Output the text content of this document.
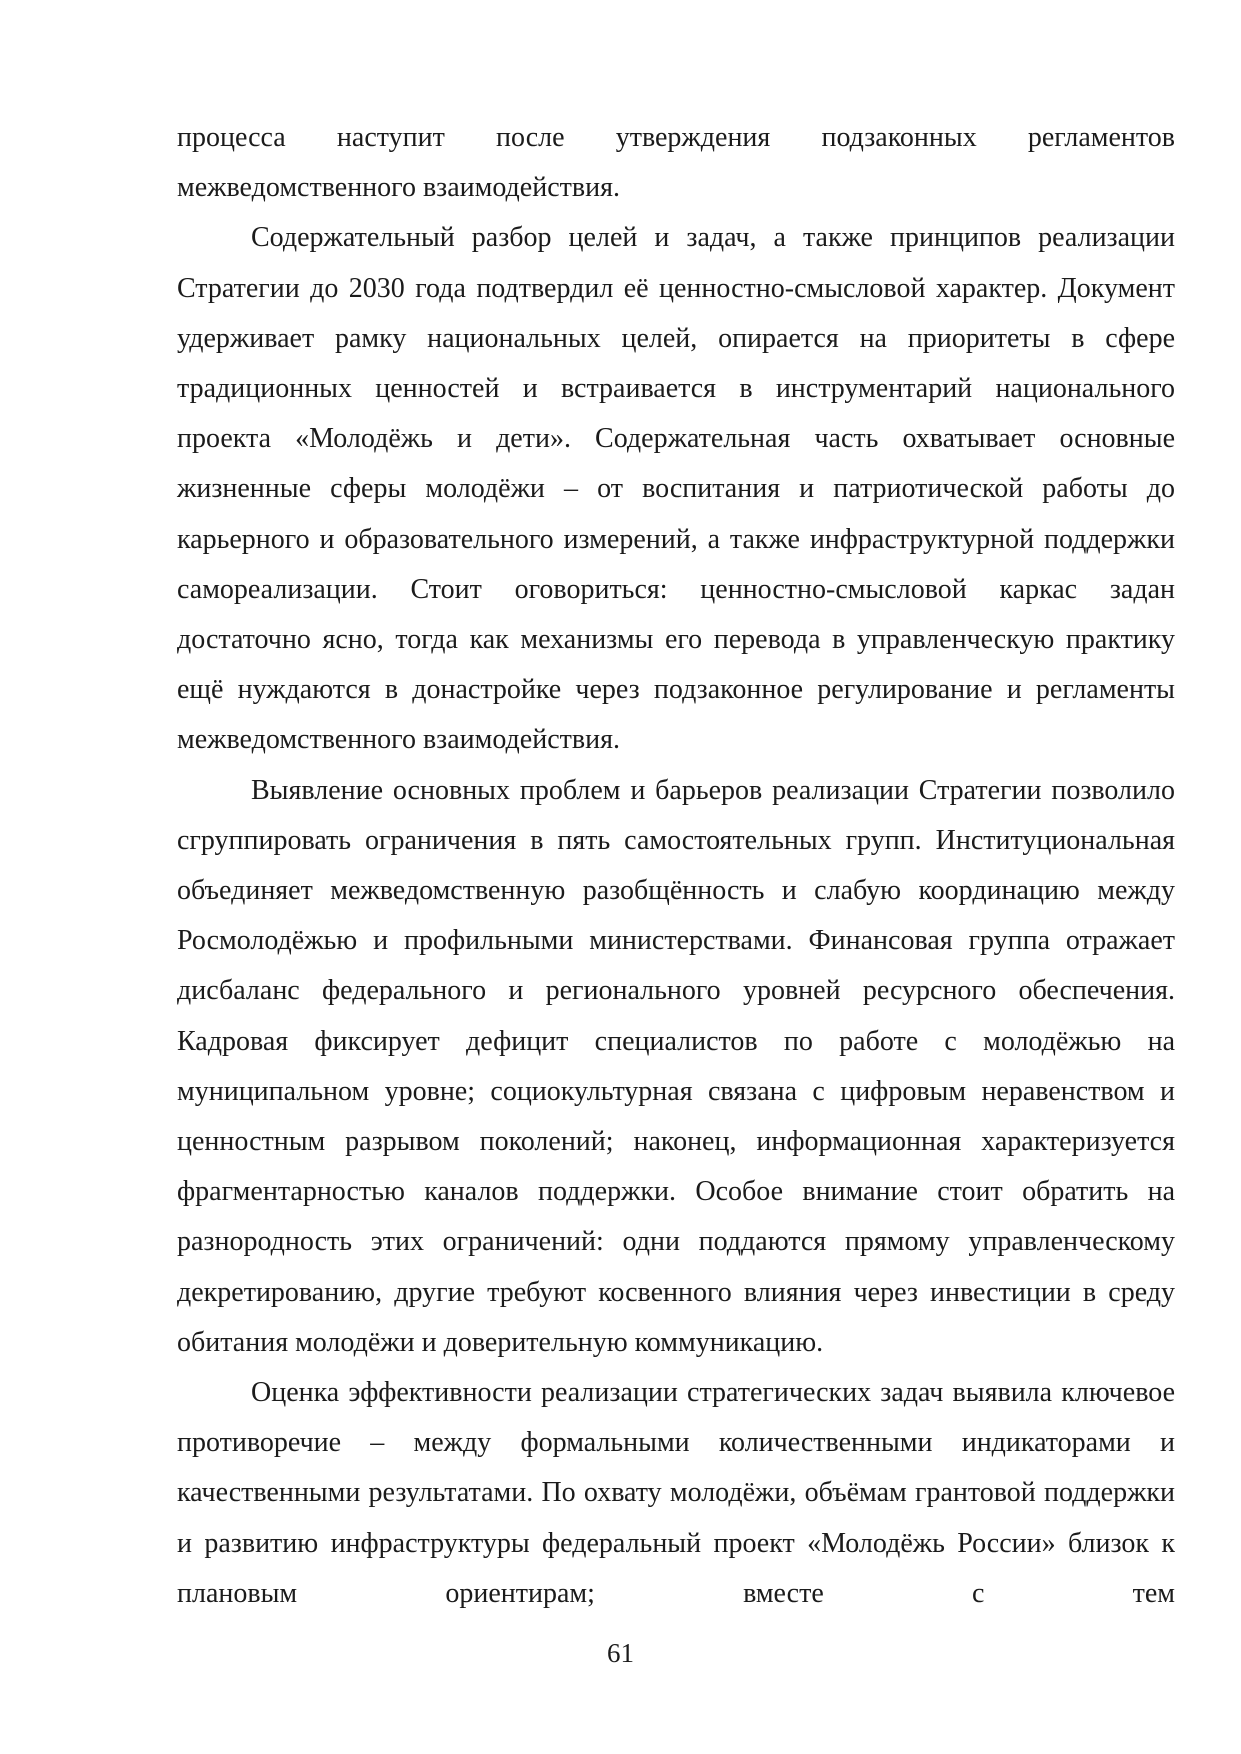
процесса наступит после утверждения подзаконных регламентов межведомственного взаимодействия.

Содержательный разбор целей и задач, а также принципов реализации Стратегии до 2030 года подтвердил её ценностно-смысловой характер. Документ удерживает рамку национальных целей, опирается на приоритеты в сфере традиционных ценностей и встраивается в инструментарий национального проекта «Молодёжь и дети». Содержательная часть охватывает основные жизненные сферы молодёжи – от воспитания и патриотической работы до карьерного и образовательного измерений, а также инфраструктурной поддержки самореализации. Стоит оговориться: ценностно-смысловой каркас задан достаточно ясно, тогда как механизмы его перевода в управленческую практику ещё нуждаются в донастройке через подзаконное регулирование и регламенты межведомственного взаимодействия.

Выявление основных проблем и барьеров реализации Стратегии позволило сгруппировать ограничения в пять самостоятельных групп. Институциональная объединяет межведомственную разобщённость и слабую координацию между Росмолодёжью и профильными министерствами. Финансовая группа отражает дисбаланс федерального и регионального уровней ресурсного обеспечения. Кадровая фиксирует дефицит специалистов по работе с молодёжью на муниципальном уровне; социокультурная связана с цифровым неравенством и ценностным разрывом поколений; наконец, информационная характеризуется фрагментарностью каналов поддержки. Особое внимание стоит обратить на разнородность этих ограничений: одни поддаются прямому управленческому декретированию, другие требуют косвенного влияния через инвестиции в среду обитания молодёжи и доверительную коммуникацию.

Оценка эффективности реализации стратегических задач выявила ключевое противоречие – между формальными количественными индикаторами и качественными результатами. По охвату молодёжи, объёмам грантовой поддержки и развитию инфраструктуры федеральный проект «Молодёжь России» близок к плановым ориентирам; вместе с тем

61
